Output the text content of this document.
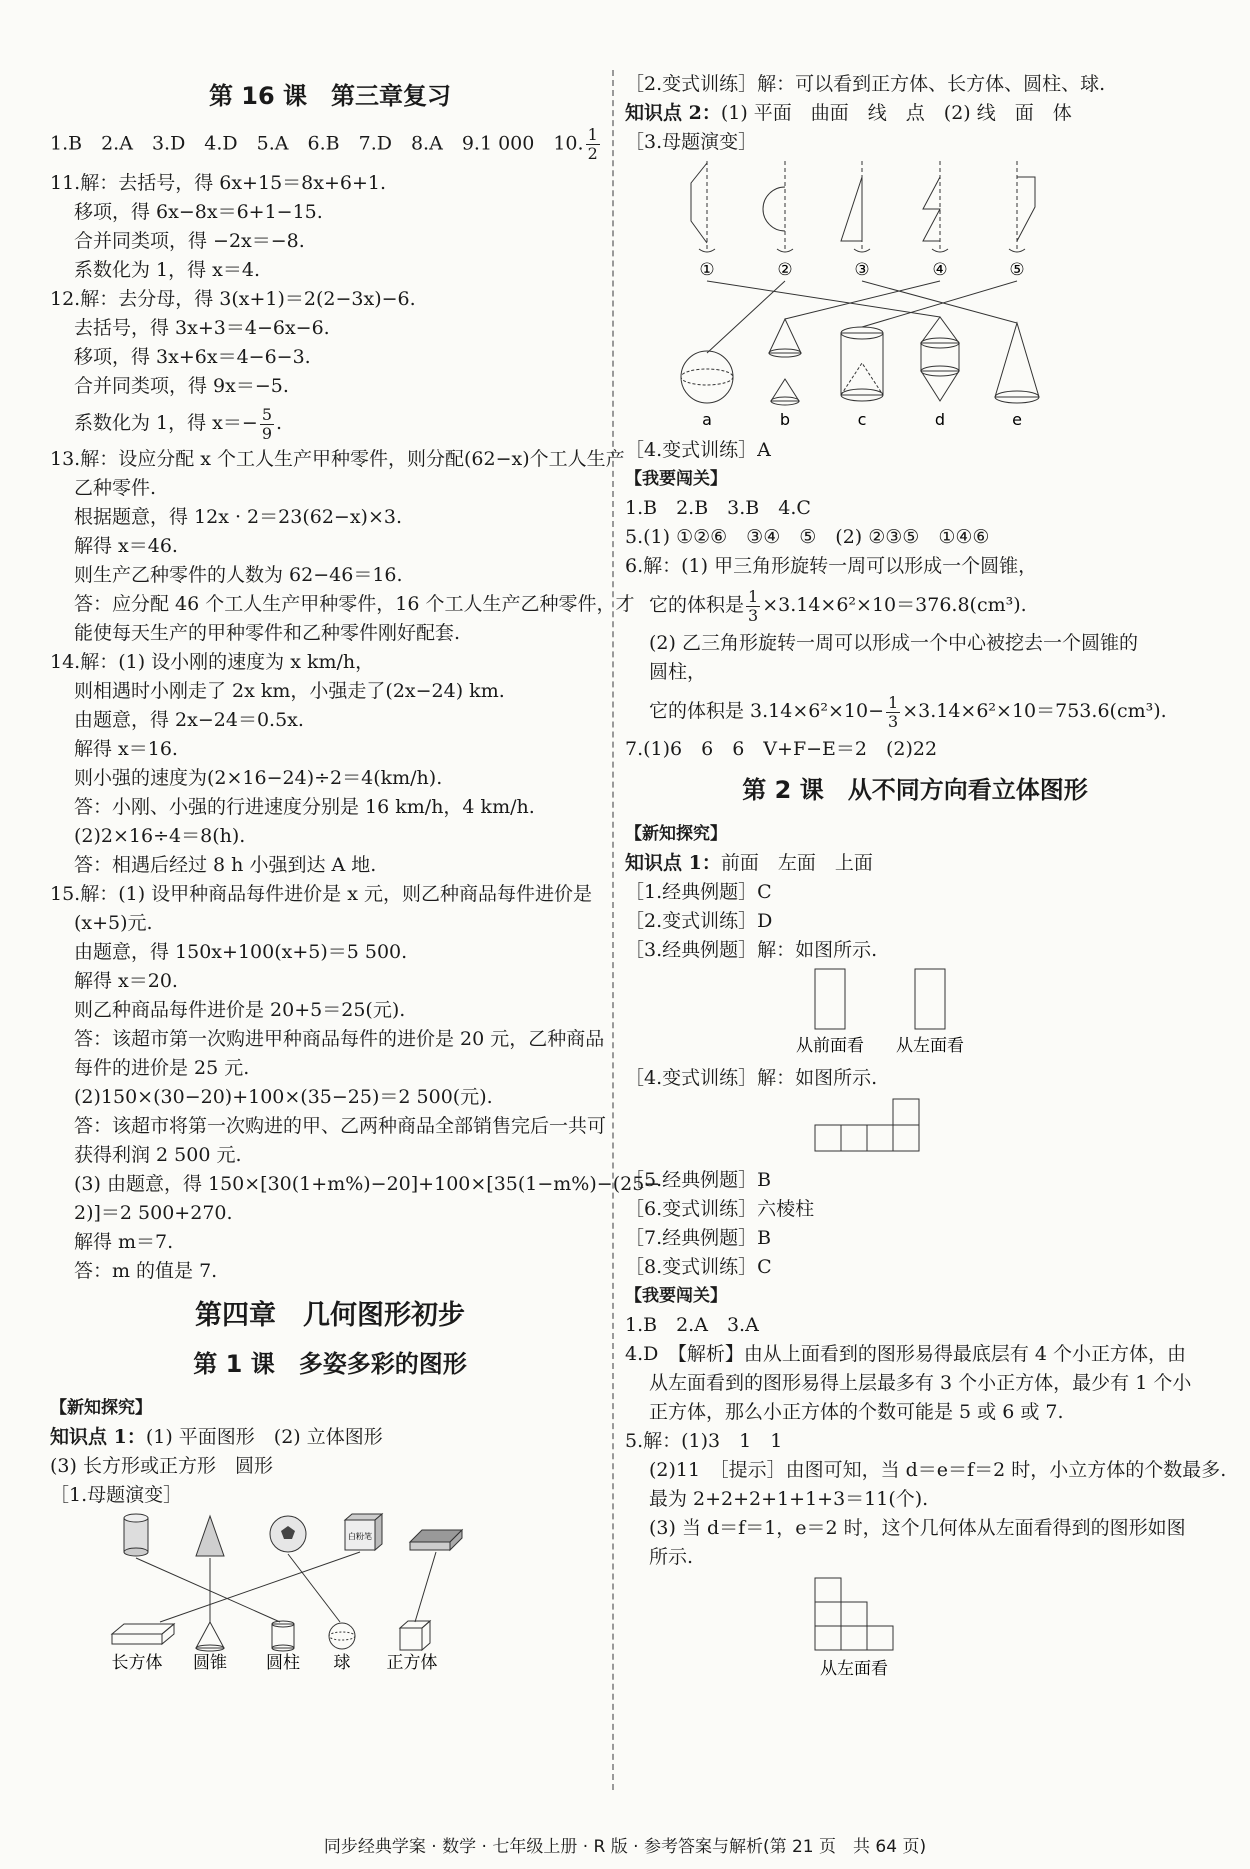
第 16 课　第三章复习
1.B　2.A　3.D　4.D　5.A　6.B　7.D　8.A　9.1 000　10. $\frac{1}{2}$
11.解：去括号，得 6x+15＝8x+6+1.
移项，得 6x−8x＝6+1−15.
合并同类项，得 −2x＝−8.
系数化为 1，得 x＝4.
12.解：去分母，得 3(x+1)＝2(2−3x)−6.
去括号，得 3x+3＝4−6x−6.
移项，得 3x+6x＝4−6−3.
合并同类项，得 9x＝−5.
系数化为 1，得 $x=- \frac{5}{9}$ .
13.解：设应分配 x 个工人生产甲种零件，则分配(62−x)个工人生产
乙种零件.
根据题意，得 12x · 2＝23(62−x)×3.
解得 x＝46.
则生产乙种零件的人数为 62−46＝16.
答：应分配 46 个工人生产甲种零件，16 个工人生产乙种零件，才
能使每天生产的甲种零件和乙种零件刚好配套.
14.解：(1) 设小刚的速度为 x km/h，
则相遇时小刚走了 2x km，小强走了(2x−24) km.
由题意，得 2x−24＝0.5x.
解得 x＝16.
则小强的速度为(2×16−24)÷2＝4(km/h).
答：小刚、小强的行进速度分别是 16 km/h，4 km/h.
(2)2×16÷4＝8(h).
答：相遇后经过 8 h 小强到达 A 地.
15.解：(1) 设甲种商品每件进价是 x 元，则乙种商品每件进价是
(x+5)元.
由题意，得 150x+100(x+5)＝5 500.
解得 x＝20.
则乙种商品每件进价是 20+5＝25(元).
答：该超市第一次购进甲种商品每件的进价是 20 元，乙种商品
每件的进价是 25 元.
(2)150×(30−20)+100×(35−25)＝2 500(元).
答：该超市将第一次购进的甲、乙两种商品全部销售完后一共可
获得利润 2 500 元.
(3) 由题意，得 150×[30(1+m%)−20]+100×[35(1−m%)−(25−
2)]＝2 500+270.
解得 m＝7.
答：m 的值是 7.
第四章　几何图形初步
第 1 课　多姿多彩的图形
【新知探究】
知识点 1：(1) 平面图形　(2) 立体图形
(3) 长方形或正方形　圆形
［1.母题演变］
白粉笔
长方体 圆锥 圆柱 球 正方体
［2.变式训练］解：可以看到正方体、长方体、圆柱、球.
知识点 2：(1) 平面　曲面　线　点　(2) 线　面　体
［3.母题演变］
①	②	③	④	⑤
a	b	c	d	e
［4.变式训练］A
【我要闯关】
1.B　2.B　3.B　4.C
5.(1) ①②⑥　③④　⑤　(2) ②③⑤　①④⑥
6.解：(1) 甲三角形旋转一周可以形成一个圆锥，
它的体积是 $\frac{1}{3} \times 3.14\times 6^2\times 10=376.8(cm^3)$.
(2) 乙三角形旋转一周可以形成一个中心被挖去一个圆锥的
圆柱，
它的体积是 $3.14\times 6^2\times 10- \frac{1}{3} \times 3.14\times 6^2\times 10=753.6(cm^3)$.
7.(1)6　6　6　V+F−E＝2　(2)22
第 2 课　从不同方向看立体图形
【新知探究】
知识点 1：前面　左面　上面
［1.经典例题］C
［2.变式训练］D
［3.经典例题］解：如图所示.
从前面看 从左面看
［4.变式训练］解：如图所示.
［5.经典例题］B
［6.变式训练］六棱柱
［7.经典例题］B
［8.变式训练］C
【我要闯关】
1.B　2.A　3.A
4.D　【解析】由从上面看到的图形易得最底层有 4 个小正方体，由
从左面看到的图形易得上层最多有 3 个小正方体，最少有 1 个小
正方体，那么小正方体的个数可能是 5 或 6 或 7.
5.解：(1)3　1　1
(2)11　［提示］由图可知，当 d＝e＝f＝2 时，小立方体的个数最多.
最为 2+2+2+1+1+3＝11(个).
(3) 当 d＝f＝1，e＝2 时，这个几何体从左面看得到的图形如图
所示.
从左面看
同步经典学案 · 数学 · 七年级上册 · R 版 · 参考答案与解析(第 21 页　共 64 页)
